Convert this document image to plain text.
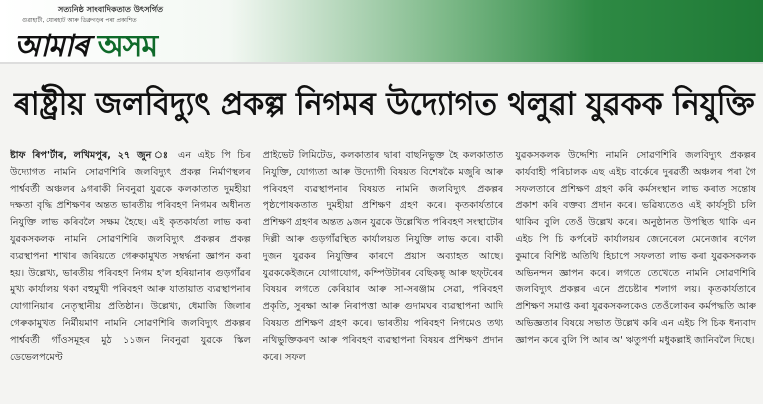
সত্যনিষ্ঠ সাংবাদিকতাত উৎসৰ্গিত
গুৱাহাটী, যোৰহাট আৰু ডিব্ৰুগড়ৰ পৰা প্ৰকাশিত
আমাৰ অসম
ৰাষ্ট্ৰীয় জলবিদ্যুৎ প্ৰকল্প নিগমৰ উদ্যোগত থলুৱা যুৱকক নিযুক্তি

ষ্টাফ ৰিপ'ৰ্টাৰ, লখিমপুৰ, ২৭ জুন ঃ এন এইচ পি চিৰ উদ্যোগত নামনি সোৱণশিৰি জলবিদ্যুৎ প্ৰকল্প নিৰ্মাণস্থলৰ পাৰ্শ্ববৰ্তী অঞ্চলৰ ৯গৰাকী নিবনুৱা যুৱকে কলকাতাত দুমহীয়া দক্ষতা বৃদ্ধি প্ৰশিক্ষণৰ অন্তত ভাৰতীয় পৰিবহণ নিগমৰ অধীনত নিযুক্তি লাভ কৰিবলৈ সক্ষম হৈছে। এই কৃতকাৰ্যতা লাভ কৰা যুৱকসকলক নামনি সোৱণশিৰি জলবিদ্যুৎ প্ৰকল্পৰ প্ৰকল্প ব্যৱস্থাপনা শাখাৰ জৰিয়তে গেৰুকামুখত সম্বৰ্দ্ধনা জ্ঞাপন কৰা হয়। উল্লেখ্য, ভাৰতীয় পৰিবহণ নিগম হ'ল হৰিয়ানাৰ গুড়গাঁৱৰ মুখ্য কাৰ্যালয় থকা বহুমুখী পৰিবহণ আৰু যাতায়াত ব্যৱস্থাপনাৰ যোগানিয়াৰ নেতৃস্থানীয় প্ৰতিষ্ঠান। উল্লেখ্য, ধেমাজি জিলাৰ গেৰুকামুখত নিৰ্মীয়মাণ নামনি সোৱণশিৰি জলবিদ্যুৎ প্ৰকল্পৰ পাৰ্শ্ববৰ্তী গাঁওসমূহৰ মুঠ ১১জন নিবনুৱা যুৱকে স্কিল ডেভেলপমেণ্ট

প্ৰাইভেট লিমিটেড, কলকাতাৰ দ্বাৰা বাছনিভুক্ত হৈ কলকাতাত নিযুক্তি, যোগ্যতা আৰু উদ্যোগী বিষয়ত বিশেষকৈ মজুৰি আৰু পৰিবহণ ব্যৱস্থাপনাৰ বিষয়ত নামনি জলবিদ্যুৎ প্ৰকল্পৰ পৃষ্ঠপোষকতাত দুমহীয়া প্ৰশিক্ষণ গ্ৰহণ কৰে। কৃতকাৰ্যতাৰে প্ৰশিক্ষণ গ্ৰহণৰ অন্তত ৯জন যুৱকে উল্লেখিত পৰিবহণ সংস্থাটোৰ দিল্লী আৰু গুড়গাঁৱস্থিত কাৰ্যালয়ত নিযুক্তি লাভ কৰে। বাকী দুজন যুৱকৰ নিযুক্তিৰ কাৰণে প্ৰয়াস অব্যাহত আছে। যুৱককেইজনে যোগাযোগ, কম্পিউটাৰৰ বেছিকছ্ আৰু ছফ্‌টৰেৰ বিষয়ৰ লগতে কেৰিয়াৰ আৰু সা-সৰঞ্জাম সেৱা, পৰিবহণ প্ৰকৃতি, সুৰক্ষা আৰু নিৰাপত্তা আৰু গুদামঘৰ ব্যৱস্থাপনা আদি বিষয়ত প্ৰশিক্ষণ গ্ৰহণ কৰে। ভাৰতীয় পৰিবহণ নিগমেও তথ্য নথিভুক্তিকৰণ আৰু পৰিবহণ ব্যৱস্থাপনা বিষয়ৰ প্ৰশিক্ষণ প্ৰদান কৰে। সফল

যুৱকসকলক উদ্দেশ্যি নামনি সোৱণশিৰি জলবিদ্যুৎ প্ৰকল্পৰ কাৰ্যবাহী পৰিচালক এছ এইচ বাৰ্কেৰে দুৰৱৰ্তী অঞ্চলৰ পৰা গৈ সফলতাৰে প্ৰশিক্ষণ গ্ৰহণ কৰি কৰ্মসংস্থান লাভ কৰাত সন্তোষ প্ৰকাশ কৰি বক্তব্য প্ৰদান কৰে। ভৱিষ্যতেও এই কাৰ্যসূচী চলি থাকিব বুলি তেওঁ উল্লেখ কৰে। অনুষ্ঠানত উপস্থিত থাকি এন এইচ পি চি কৰ্পৰেট কাৰ্যালয়ৰ জেনেৰেল মেনেজাৰ ৰণেল কুমাৰে বিশিষ্ট অতিথি হিচাপে সফলতা লাভ কৰা যুৱকসকলক অভিনন্দন জ্ঞাপন কৰে। লগতে তেখেতে নামনি সোৱণশিৰি জলবিদ্যুৎ প্ৰকল্পৰ এনে প্ৰচেষ্টাৰ শলাগ লয়। কৃতকাৰ্যতাৰে প্ৰশিক্ষণ সমাপ্ত কৰা যুৱকসকলকেও তেওঁলোকৰ কৰ্মপদ্ধতি আৰু অভিজ্ঞতাৰ বিষয়ে সভাত উল্লেখ কৰি এন এইচ পি চিক ধন্যবাদ জ্ঞাপন কৰে বুলি পি আৰ অ' ঋতুপৰ্ণা মধুকল্লাই জানিবলৈ দিছে।
